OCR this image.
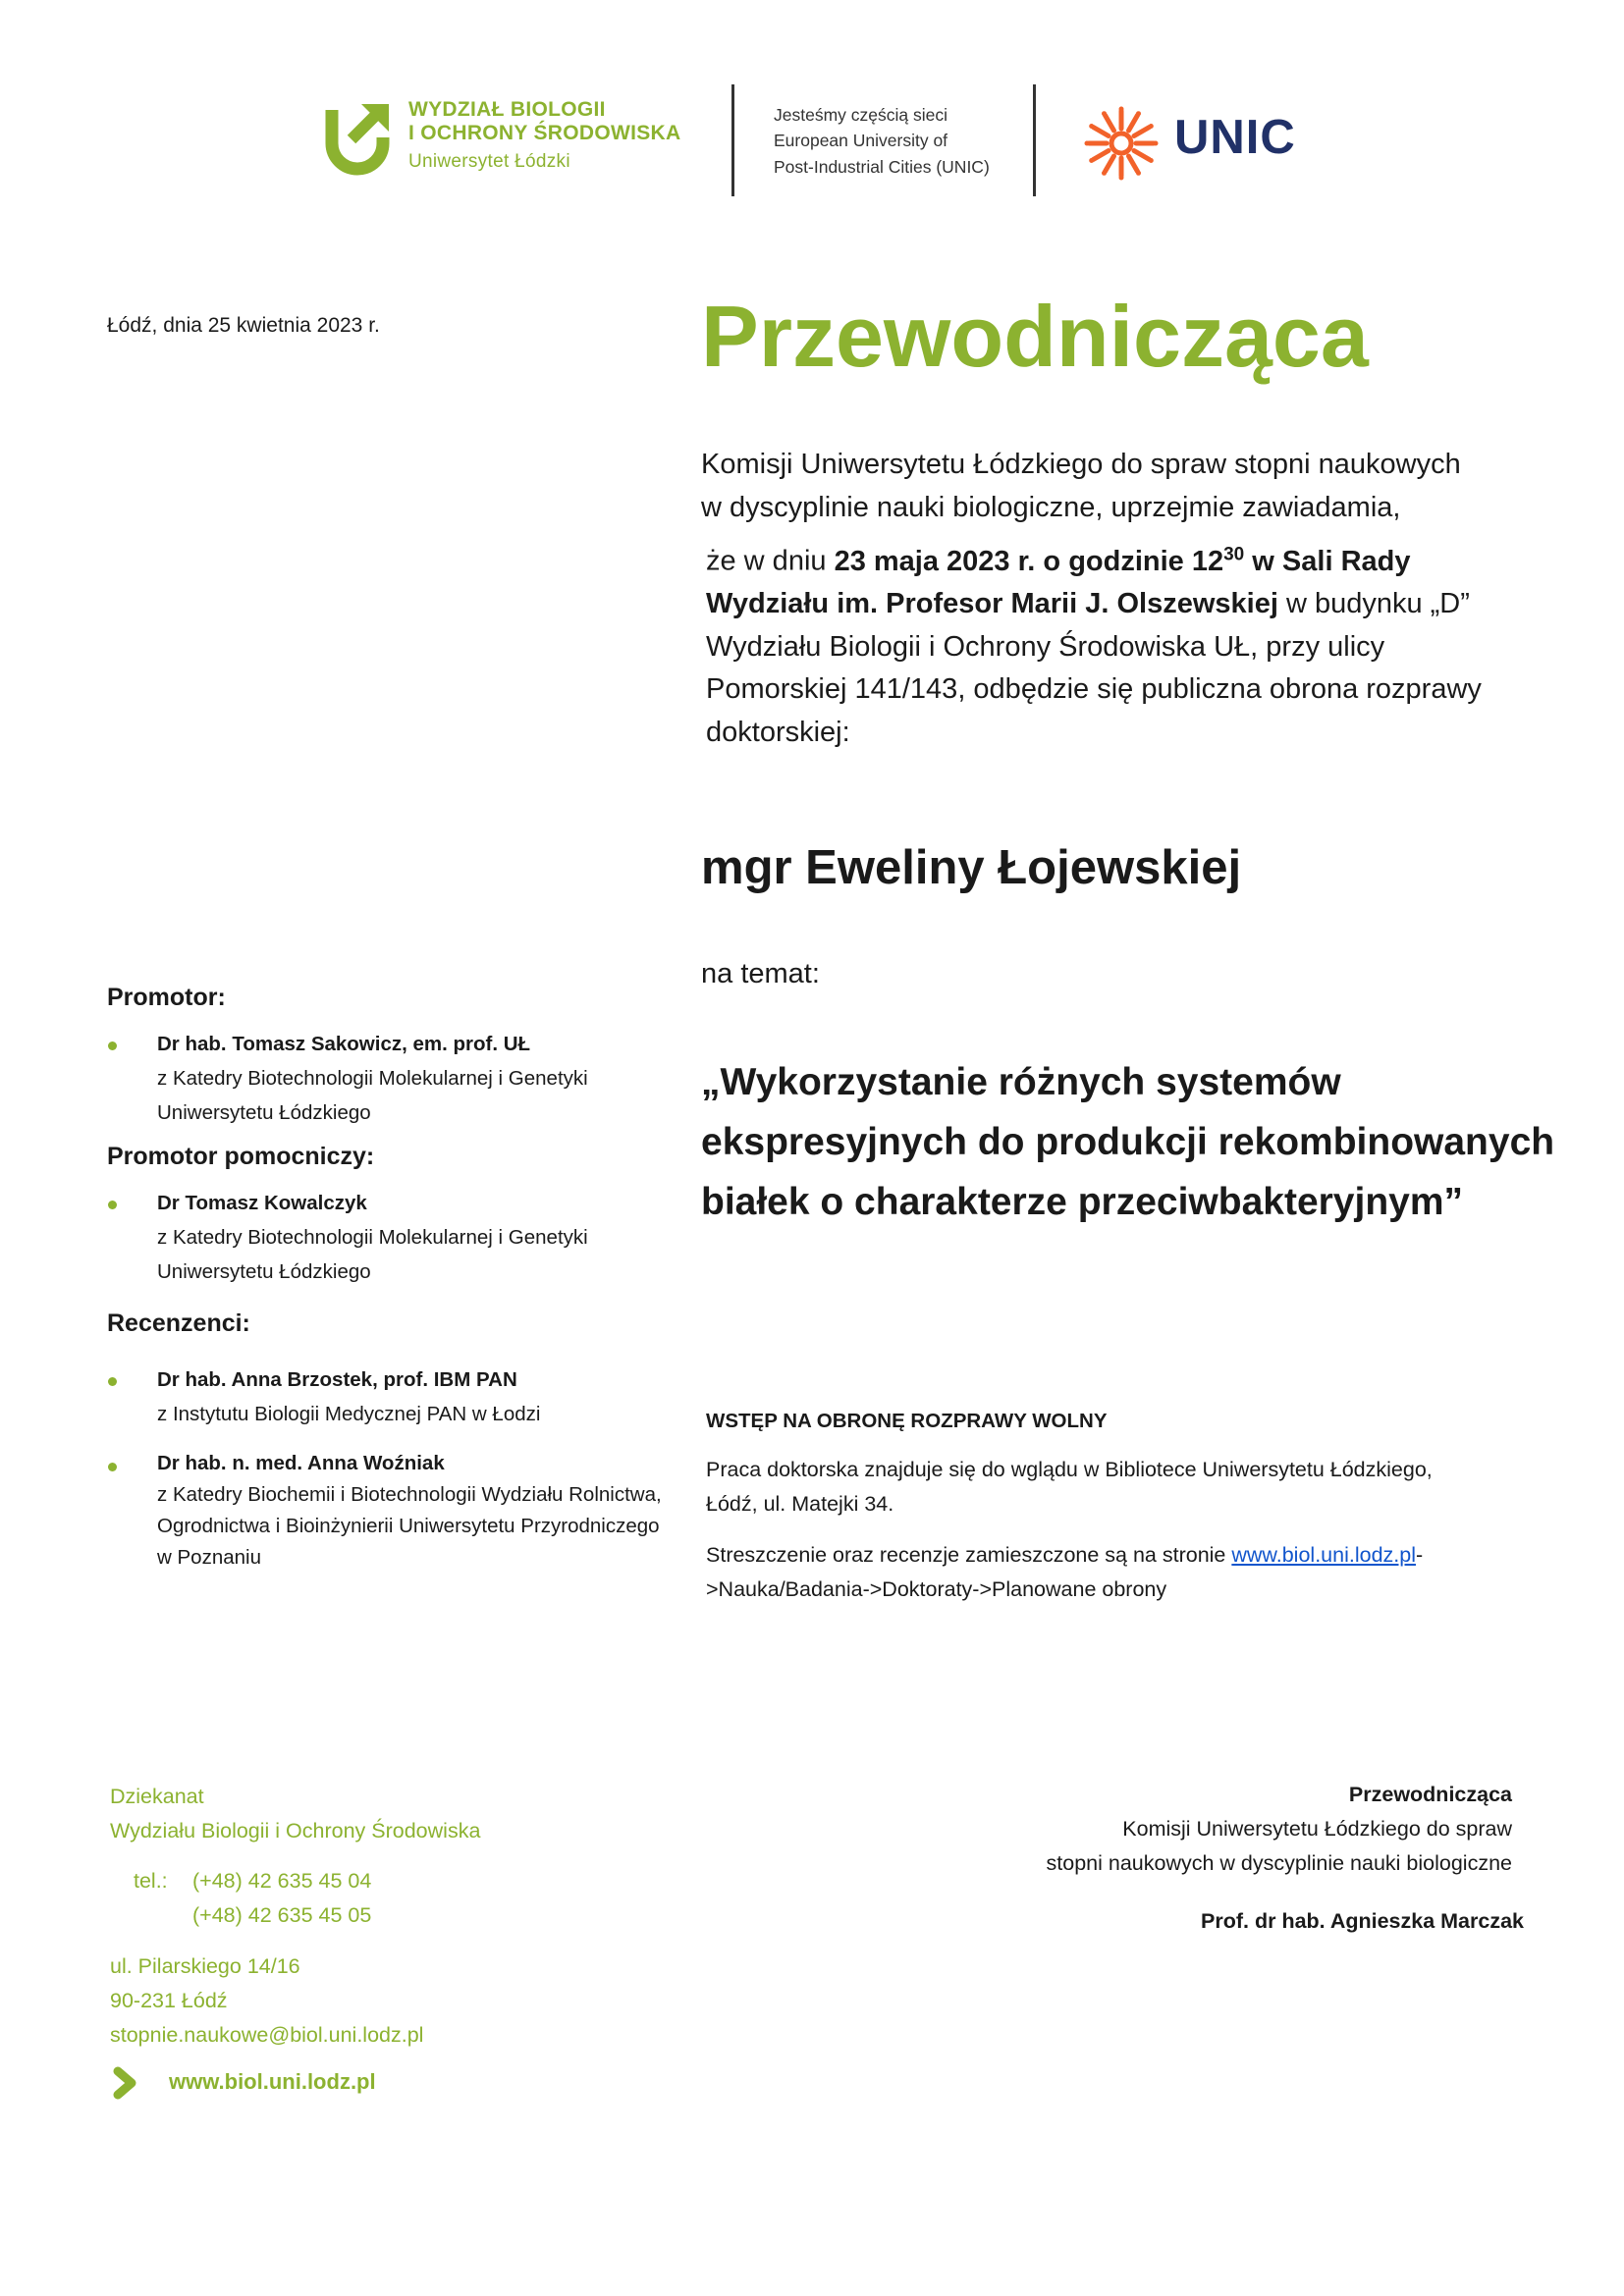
WYDZIAŁ BIOLOGII
I OCHRONY ŚRODOWISKA
Uniwersytet Łódzki
Jesteśmy częścią sieci
European University of
Post-Industrial Cities (UNIC)
UNIC
Łódź, dnia 25 kwietnia 2023 r.
Promotor:
Dr hab. Tomasz Sakowicz, em. prof. UŁ
z Katedry Biotechnologii Molekularnej i Genetyki
Uniwersytetu Łódzkiego
Promotor pomocniczy:
Dr Tomasz Kowalczyk
z Katedry Biotechnologii Molekularnej i Genetyki
Uniwersytetu Łódzkiego
Recenzenci:
Dr hab. Anna Brzostek, prof. IBM PAN
z Instytutu Biologii Medycznej PAN w Łodzi
Dr hab. n. med. Anna Woźniak
z Katedry Biochemii i Biotechnologii Wydziału Rolnictwa,
Ogrodnictwa i Bioinżynierii Uniwersytetu Przyrodniczego
w Poznaniu
Przewodnicząca
Komisji Uniwersytetu Łódzkiego do spraw stopni naukowych
w dyscyplinie nauki biologiczne, uprzejmie zawiadamia,
że w dniu 23 maja 2023 r. o godzinie $12^{30}$ w Sali Rady
Wydziału im. Profesor Marii J. Olszewskiej w budynku „D”
Wydziału Biologii i Ochrony Środowiska UŁ, przy ulicy
Pomorskiej 141/143, odbędzie się publiczna obrona rozprawy
doktorskiej:
mgr Eweliny Łojewskiej
na temat:
„Wykorzystanie różnych systemów
ekspresyjnych do produkcji rekombinowanych
białek o charakterze przeciwbakteryjnym”
WSTĘP NA OBRONĘ ROZPRAWY WOLNY
Praca doktorska znajduje się do wglądu w Bibliotece Uniwersytetu Łódzkiego,
Łódź, ul. Matejki 34.
Streszczenie oraz recenzje zamieszczone są na stronie www.biol.uni.lodz.pl-
>Nauka/Badania->Doktoraty->Planowane obrony
Dziekanat
Wydziału Biologii i Ochrony Środowiska
tel.: (+48) 42 635 45 04
(+48) 42 635 45 05
ul. Pilarskiego 14/16
90-231 Łódź
stopnie.naukowe@biol.uni.lodz.pl
www.biol.uni.lodz.pl
Przewodnicząca
Komisji Uniwersytetu Łódzkiego do spraw
stopni naukowych w dyscyplinie nauki biologiczne
Prof. dr hab. Agnieszka Marczak
